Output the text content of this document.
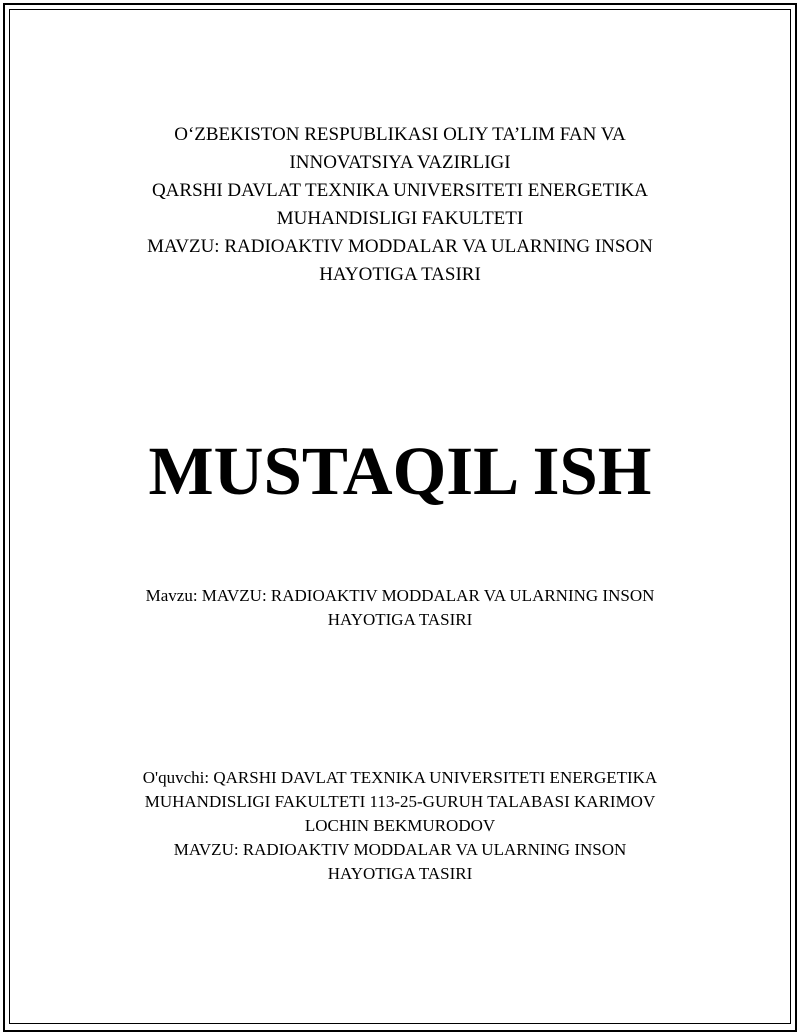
O‘ZBEKISTON RESPUBLIKASI OLIY TA’LIM FAN VA
INNOVATSIYA VAZIRLIGI
QARSHI DAVLAT TEXNIKA UNIVERSITETI ENERGETIKA
MUHANDISLIGI FAKULTETI
MAVZU: RADIOAKTIV MODDALAR VA ULARNING INSON
HAYOTIGA TASIRI
MUSTAQIL ISH
Mavzu: MAVZU: RADIOAKTIV MODDALAR VA ULARNING INSON
HAYOTIGA TASIRI
O'quvchi: QARSHI DAVLAT TEXNIKA UNIVERSITETI ENERGETIKA
MUHANDISLIGI FAKULTETI 113-25-GURUH TALABASI KARIMOV
LOCHIN BEKMURODOV
MAVZU: RADIOAKTIV MODDALAR VA ULARNING INSON
HAYOTIGA TASIRI
